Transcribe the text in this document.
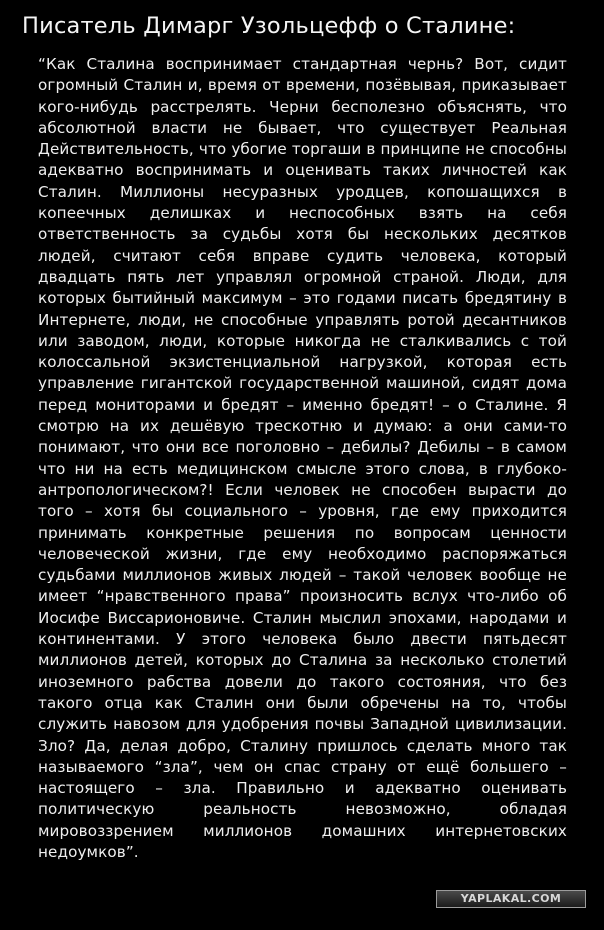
Писатель Димарг Узольцефф о Сталине:

“Как Сталина воспринимает стандартная чернь? Вот, сидит огромный Сталин и, время от времени, позёвывая, приказывает кого-нибудь расстрелять. Черни бесполезно объяснять, что абсолютной власти не бывает, что существует Реальная Действительность, что убогие торгаши в принципе не способны адекватно воспринимать и оценивать таких личностей как Сталин. Миллионы несуразных уродцев, копошащихся в копеечных делишках и неспособных взять на себя ответственность за судьбы хотя бы нескольких десятков людей, считают себя вправе судить человека, который двадцать пять лет управлял огромной страной. Люди, для которых бытийный максимум – это годами писать бредятину в Интернете, люди, не способные управлять ротой десантников или заводом, люди, которые никогда не сталкивались с той колоссальной экзистенциальной нагрузкой, которая есть управление гигантской государственной машиной, сидят дома перед мониторами и бредят – именно бредят! – о Сталине. Я смотрю на их дешёвую трескотню и думаю: а они сами-то понимают, что они все поголовно – дебилы? Дебилы – в самом что ни на есть медицинском смысле этого слова, в глубоко-антропологическом?! Если человек не способен вырасти до того – хотя бы социального – уровня, где ему приходится принимать конкретные решения по вопросам ценности человеческой жизни, где ему необходимо распоряжаться судьбами миллионов живых людей – такой человек вообще не имеет “нравственного права” произносить вслух что-либо об Иосифе Виссарионовиче. Сталин мыслил эпохами, народами и континентами. У этого человека было двести пятьдесят миллионов детей, которых до Сталина за несколько столетий иноземного рабства довели до такого состояния, что без такого отца как Сталин они были обречены на то, чтобы служить навозом для удобрения почвы Западной цивилизации. Зло? Да, делая добро, Сталину пришлось сделать много так называемого “зла”, чем он спас страну от ещё большего – настоящего – зла. Правильно и адекватно оценивать политическую реальность невозможно, обладая мировоззрением миллионов домашних интернетовских недоумков”.

YAPLAKAL.COM
